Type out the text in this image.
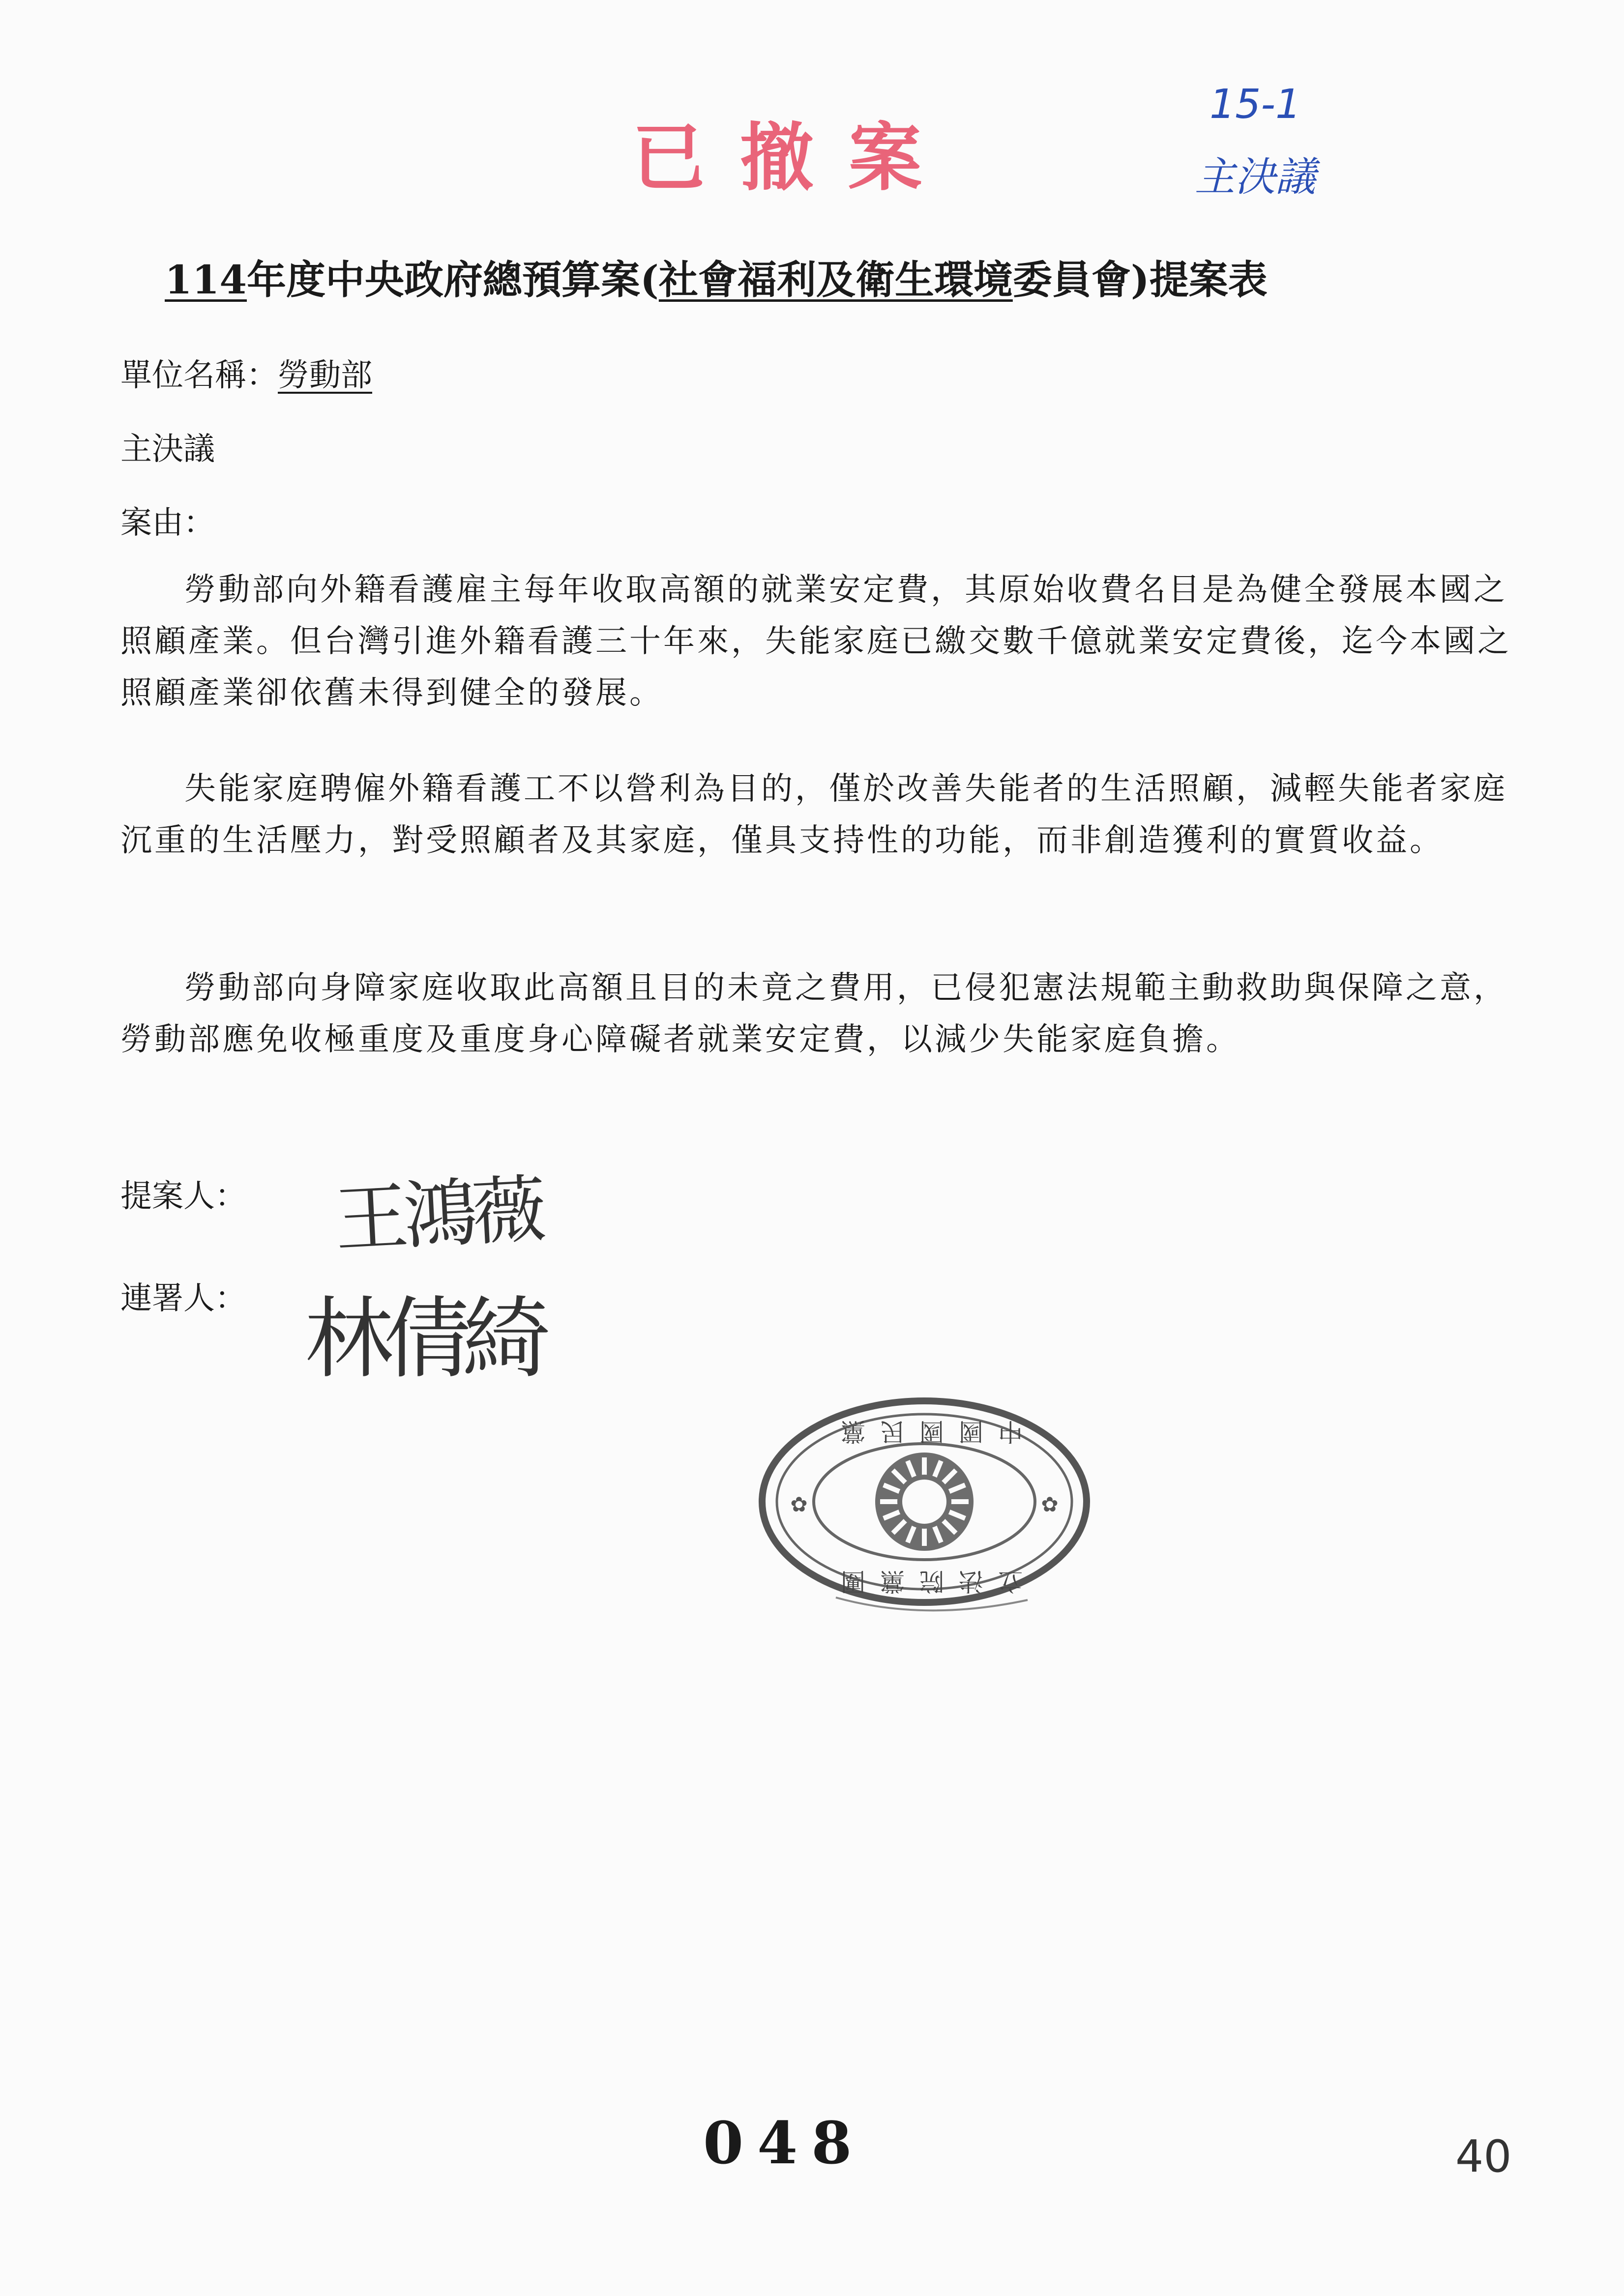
已撤案
15-1
主決議
114年度中央政府總預算案(社會福利及衛生環境委員會)提案表
單位名稱：勞動部
主決議
案由：
勞動部向外籍看護雇主每年收取高額的就業安定費，其原始收費名目是為健全發展本國之照顧產業。但台灣引進外籍看護三十年來，失能家庭已繳交數千億就業安定費後，迄今本國之照顧產業卻依舊未得到健全的發展。
失能家庭聘僱外籍看護工不以營利為目的，僅於改善失能者的生活照顧，減輕失能者家庭沉重的生活壓力，對受照顧者及其家庭，僅具支持性的功能，而非創造獲利的實質收益。
勞動部向身障家庭收取此高額且目的未竟之費用，已侵犯憲法規範主動救助與保障之意，勞動部應免收極重度及重度身心障礙者就業安定費，以減少失能家庭負擔。
提案人： 王鴻薇
連署人： 林倩綺
✿	✿
中國國民黨
立法院黨團
048	40
